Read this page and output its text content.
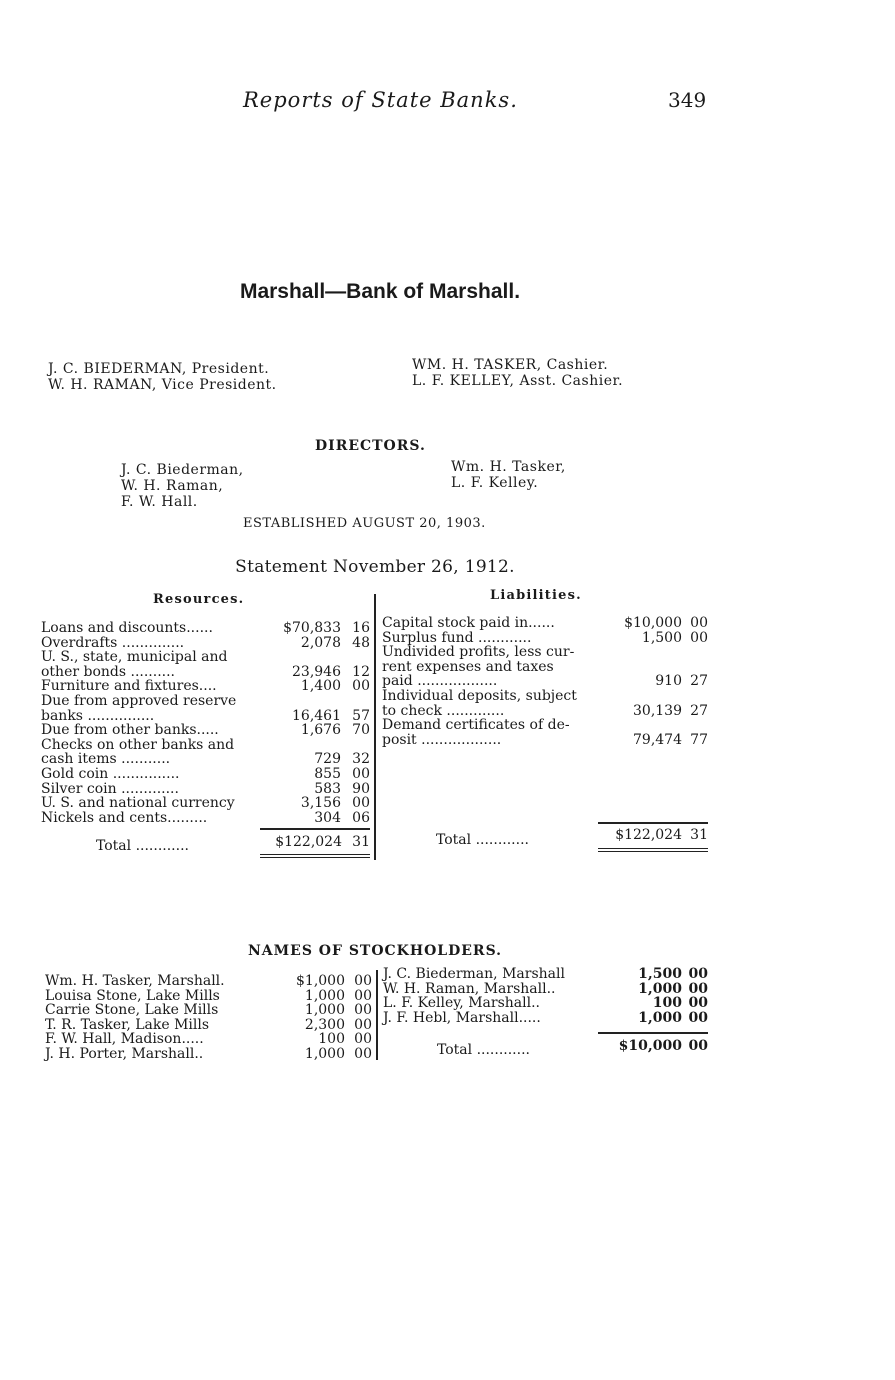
Reports of State Banks.	349
Marshall—Bank of Marshall.
J. C. BIEDERMAN, President.
W. H. RAMAN, Vice President.
WM. H. TASKER, Cashier.
L. F. KELLEY, Asst. Cashier.
DIRECTORS.
J. C. Biederman,
W. H. Raman,
F. W. Hall.
Wm. H. Tasker,
L. F. Kelley.
ESTABLISHED AUGUST 20, 1903.
Statement November 26, 1912.
Resources.	Liabilities.
Loans and discounts......	$70,833 16
Overdrafts ..............	2,078 48
U. S., state, municipal and
other bonds ..........	23,946 12
Furniture and fixtures....	1,400 00
Due from approved reserve
banks ...............	16,461 57
Due from other banks.....	1,676 70
Checks on other banks and
cash items ...........	729 32
Gold coin ...............	855 00
Silver coin .............	583 90
U. S. and national currency	3,156 00
Nickels and cents.........	304 06
Capital stock paid in......	$10,000 00
Surplus fund ............	1,500 00
Undivided profits, less cur-
rent expenses and taxes
paid ..................	910 27
Individual deposits, subject
to check .............	30,139 27
Demand certificates of de-
posit ..................	79,474 77
Total ............	$122,024 31	Total ............	$122,024 31
NAMES OF STOCKHOLDERS.
Wm. H. Tasker, Marshall.	$1,000 00
Louisa Stone, Lake Mills	1,000 00
Carrie Stone, Lake Mills	1,000 00
T. R. Tasker, Lake Mills	2,300 00
F. W. Hall, Madison.....	100 00
J. H. Porter, Marshall..	1,000 00
J. C. Biederman, Marshall	1,500 00
W. H. Raman, Marshall..	1,000 00
L. F. Kelley, Marshall..	100 00
J. F. Hebl, Marshall.....	1,000 00
Total ............	$10,000 00
